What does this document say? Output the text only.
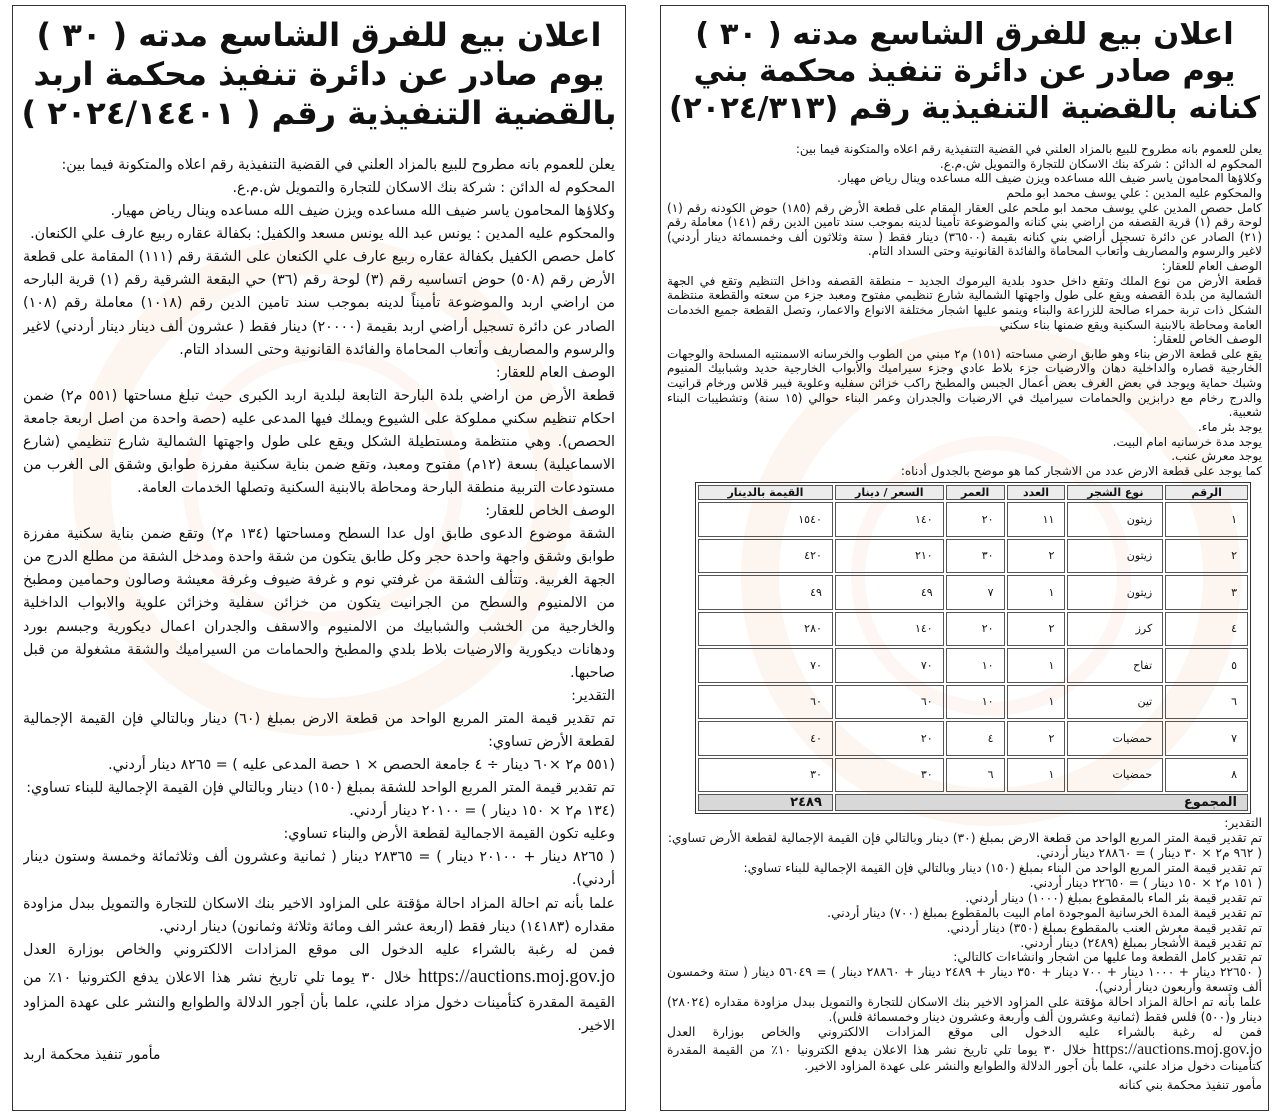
اعلان بيع للفرق الشاسع مدته ( ٣٠ ) يوم صادر عن دائرة تنفيذ محكمة اربد بالقضية التنفيذية رقم ( ٢٠٢٤/١٤٤٠١ )

يعلن للعموم بانه مطروح للبيع بالمزاد العلني في القضية التنفيذية رقم اعلاه والمتكونة فيما بين:

المحكوم له الدائن : شركة بنك الاسكان للتجارة والتمويل ش.م.ع.

وكلاؤها المحامون ياسر ضيف الله مساعده ويزن ضيف الله مساعده وينال رياض مهيار.

والمحكوم عليه المدين : يونس عبد الله يونس مسعد والكفيل: بكفالة عقاره ربيع عارف علي الكنعان.

كامل حصص الكفيل بكفالة عقاره ربيع عارف علي الكنعان على الشقة رقم (١١١) المقامة على قطعة الأرض رقم (٥٠٨) حوض اتساسيه رقم (٣) لوحة رقم (٣٦) حي البقعة الشرقية رقم (١) قرية البارحه من اراضي اربد والموضوعة تأميناً لدينه بموجب سند تامين الدين رقم (١٠١٨) معاملة رقم (١٠٨) الصادر عن دائرة تسجيل أراضي اربد بقيمة (٢٠٠٠٠) دينار فقط ( عشرون ألف دينار دينار أردني) لاغير والرسوم والمصاريف وأتعاب المحاماة والفائدة القانونية وحتى السداد التام.

الوصف العام للعقار:

قطعة الأرض من اراضي بلدة البارحة التابعة لبلدية اربد الكبرى حيث تبلغ مساحتها (٥٥١ م٢) ضمن احكام تنظيم سكني مملوكة على الشيوع ويملك فيها المدعى عليه (حصة واحدة من اصل اربعة جامعة الحصص). وهي منتظمة ومستطيلة الشكل ويقع على طول واجهتها الشمالية شارع تنظيمي (شارع الاسماعيلية) بسعة (١٢م) مفتوح ومعبد، وتقع ضمن بناية سكنية مفرزة طوابق وشقق الى الغرب من مستودعات التربية منطقة البارحة ومحاطة بالابنية السكنية وتصلها الخدمات العامة.

الوصف الخاص للعقار:

الشقة موضوع الدعوى طابق اول عدا السطح ومساحتها (١٣٤ م٢) وتقع ضمن بناية سكنية مفرزة طوابق وشقق واجهة واحدة حجر وكل طابق يتكون من شقة واحدة ومدخل الشقة من مطلع الدرج من الجهة الغربية. وتتألف الشقة من غرفتي نوم و غرفة ضيوف وغرفة معيشة وصالون وحمامين ومطبخ من الالمنيوم والسطح من الجرانيت يتكون من خزائن سفلية وخزائن علوية والابواب الداخلية والخارجية من الخشب والشبابيك من الالمنيوم والاسقف والجدران اعمال ديكورية وجبسم بورد ودهانات ديكورية والارضيات بلاط بلدي والمطبخ والحمامات من السيراميك والشقة مشغولة من قبل صاحبها.

التقدير:

تم تقدير قيمة المتر المربع الواحد من قطعة الارض بمبلغ (٦٠) دينار وبالتالي فإن القيمة الإجمالية لقطعة الأرض تساوي:

(٥٥١ م٢ ×٦٠ دينار ÷ ٤ جامعة الحصص × ١ حصة المدعى عليه ) = ٨٢٦٥ دينار أردني.

تم تقدير قيمة المتر المربع الواحد للشقة بمبلغ (١٥٠) دينار وبالتالي فإن القيمة الإجمالية للبناء تساوي:

(١٣٤ م٢ × ١٥٠ دينار ) = ٢٠١٠٠ دينار أردني.

وعليه تكون القيمة الاجمالية لقطعة الأرض والبناء تساوي:

( ٨٢٦٥ دينار + ٢٠١٠٠ دينار ) = ٢٨٣٦٥ دينار ( ثمانية وعشرون ألف وثلاثمائة وخمسة وستون دينار أردني).

علما بأنه تم احالة المزاد احالة مؤقتة على المزاود الاخير بنك الاسكان للتجارة والتمويل ببدل مزاودة مقداره (١٤١٨٣) دينار فقط (اربعة عشر الف ومائة وثلاثة وثمانون) دينار اردني.

فمن له رغبة بالشراء عليه الدخول الى موقع المزادات الالكتروني والخاص بوزارة العدل https://auctions.moj.gov.jo خلال ٣٠ يوما تلي تاريخ نشر هذا الاعلان يدفع الكترونيا ١٠٪ من القيمة المقدرة كتأمينات دخول مزاد علني، علما بأن أجور الدلالة والطوابع والنشر على عهدة المزاود الاخير.

مأمور تنفيذ محكمة اربد

اعلان بيع للفرق الشاسع مدته ( ٣٠ ) يوم صادر عن دائرة تنفيذ محكمة بني كنانه بالقضية التنفيذية رقم (٢٠٢٤/٣١٣)

يعلن للعموم بانه مطروح للبيع بالمزاد العلني في القضية التنفيذية رقم اعلاه والمتكونة فيما بين:

المحكوم له الدائن : شركة بنك الاسكان للتجارة والتمويل ش.م.ع.

وكلاؤها المحامون ياسر ضيف الله مساعده ويزن ضيف الله مساعده وينال رياض مهيار.

والمحكوم عليه المدين : علي يوسف محمد ابو ملحم

كامل حصص المدين علي يوسف محمد ابو ملحم على العقار المقام على قطعة الأرض رقم (١٨٥) حوض الكودنه رقم (١) لوحة رقم (١) قرية القصفه من اراضي بني كنانه والموضوعة تأمينا لدينه بموجب سند تامين الدين رقم (١٤١) معاملة رقم (٢١) الصادر عن دائرة تسجيل أراضي بني كنانه بقيمة (٣٦٥٠٠) دينار فقط ( ستة وثلاثون ألف وخمسمائة دينار أردني) لاغير والرسوم والمصاريف وأتعاب المحاماة والفائدة القانونية وحتى السداد التام.

الوصف العام للعقار:

قطعة الأرض من نوع الملك وتقع داخل حدود بلدية اليرموك الجديد – منطقة القصفه وداخل التنظيم وتقع في الجهة الشمالية من بلدة القصفه ويقع على طول واجهتها الشمالية شارع تنظيمي مفتوح ومعبد جزء من سعته والقطعة منتظمة الشكل ذات تربة حمراء صالحة للزراعة والبناء وينمو عليها اشجار مختلفة الانواع والاعمار، وتصل القطعة جميع الخدمات العامة ومحاطة بالابنية السكنية ويقع ضمنها بناء سكني

الوصف الخاص للعقار:

يقع على قطعة الارض بناء وهو طابق ارضي مساحته (١٥١) م٢ مبني من الطوب والخرسانه الاسمنتيه المسلحة والوجهات الخارجية قصاره والداخلية دهان والارضيات جزء بلاط عادي وجزء سيراميك والأبواب الخارجية حديد وشبابيك المنيوم وشبك حماية ويوجد في بعض الغرف بعض أعمال الجبس والمطبخ راكب خزائن سفليه وعلوية فيبر قلاس ورخام قرانيت والدرج رخام مع درابزين والحمامات سيراميك في الارضيات والجدران وعمر البناء حوالي (١٥ سنة) وتشطيبات البناء شعبية.

يوجد بئر ماء.

يوجد مدة خرسانيه امام البيت.

يوجد معرش عنب.

كما يوجد على قطعة الارض عدد من الاشجار كما هو موضح بالجدول أدناه:

الرقم	نوع الشجر	العدد	العمر	السعر / دينار	القيمة بالدينار
١	زيتون	١١	٢٠	١٤٠	١٥٤٠
٢	زيتون	٢	٣٠	٢١٠	٤٢٠
٣	زيتون	١	٧	٤٩	٤٩
٤	كرز	٢	٢٠	١٤٠	٢٨٠
٥	تفاح	١	١٠	٧٠	٧٠
٦	تين	١	١٠	٦٠	٦٠
٧	حمضيات	٢	٤	٢٠	٤٠
٨	حمضيات	١	٦	٣٠	٣٠
المجموع					٢٤٨٩

التقدير:

تم تقدير قيمة المتر المربع الواحد من قطعة الارض بمبلغ (٣٠) دينار وبالتالي فإن القيمة الإجمالية لقطعة الأرض تساوي:

( ٩٦٢ م٢ × ٣٠ دينار ) = ٢٨٨٦٠ دينار أردني.

تم تقدير قيمة المتر المربع الواحد من البناء بمبلغ (١٥٠) دينار وبالتالي فإن القيمة الإجمالية للبناء تساوي:

( ١٥١ م٢ × ١٥٠ دينار ) = ٢٢٦٥٠ دينار أردني.

تم تقدير قيمة بئر الماء بالمقطوع بمبلغ (١٠٠٠) دينار أردني.

تم تقدير قيمة المدة الخرسانية الموجودة امام البيت بالمقطوع بمبلغ (٧٠٠) دينار أردني.

تم تقدير قيمة معرش العنب بالمقطوع بمبلغ (٣٥٠) دينار أردني.

تم تقدير قيمة الأشجار بمبلغ (٢٤٨٩) دينار أردني.

تم تقدير كامل القطعة وما عليها من اشجار وانشاءات كالتالي:

( ٢٢٦٥٠ دينار + ١٠٠٠ دينار + ٧٠٠ دينار + ٣٥٠ دينار + ٢٤٨٩ دينار + ٢٨٨٦٠ دينار ) = ٥٦٠٤٩ دينار ( ستة وخمسون ألف وتسعة وأربعون دينار أردني).

علما بأنه تم احالة المزاد احالة مؤقتة على المزاود الاخير بنك الاسكان للتجارة والتمويل ببدل مزاودة مقداره (٢٨٠٢٤) دينار و(٥٠٠) فلس فقط (ثمانية وعشرون ألف وأربعة وعشرون دينار وخمسمائة فلس).

فمن له رغبة بالشراء عليه الدخول الى موقع المزادات الالكتروني والخاص بوزارة العدل https://auctions.moj.gov.jo خلال ٣٠ يوما تلي تاريخ نشر هذا الاعلان يدفع الكترونيا ١٠٪ من القيمة المقدرة كتأمينات دخول مزاد علني، علما بأن أجور الدلالة والطوابع والنشر على عهدة المزاود الاخير.

مأمور تنفيذ محكمة بني كنانه
